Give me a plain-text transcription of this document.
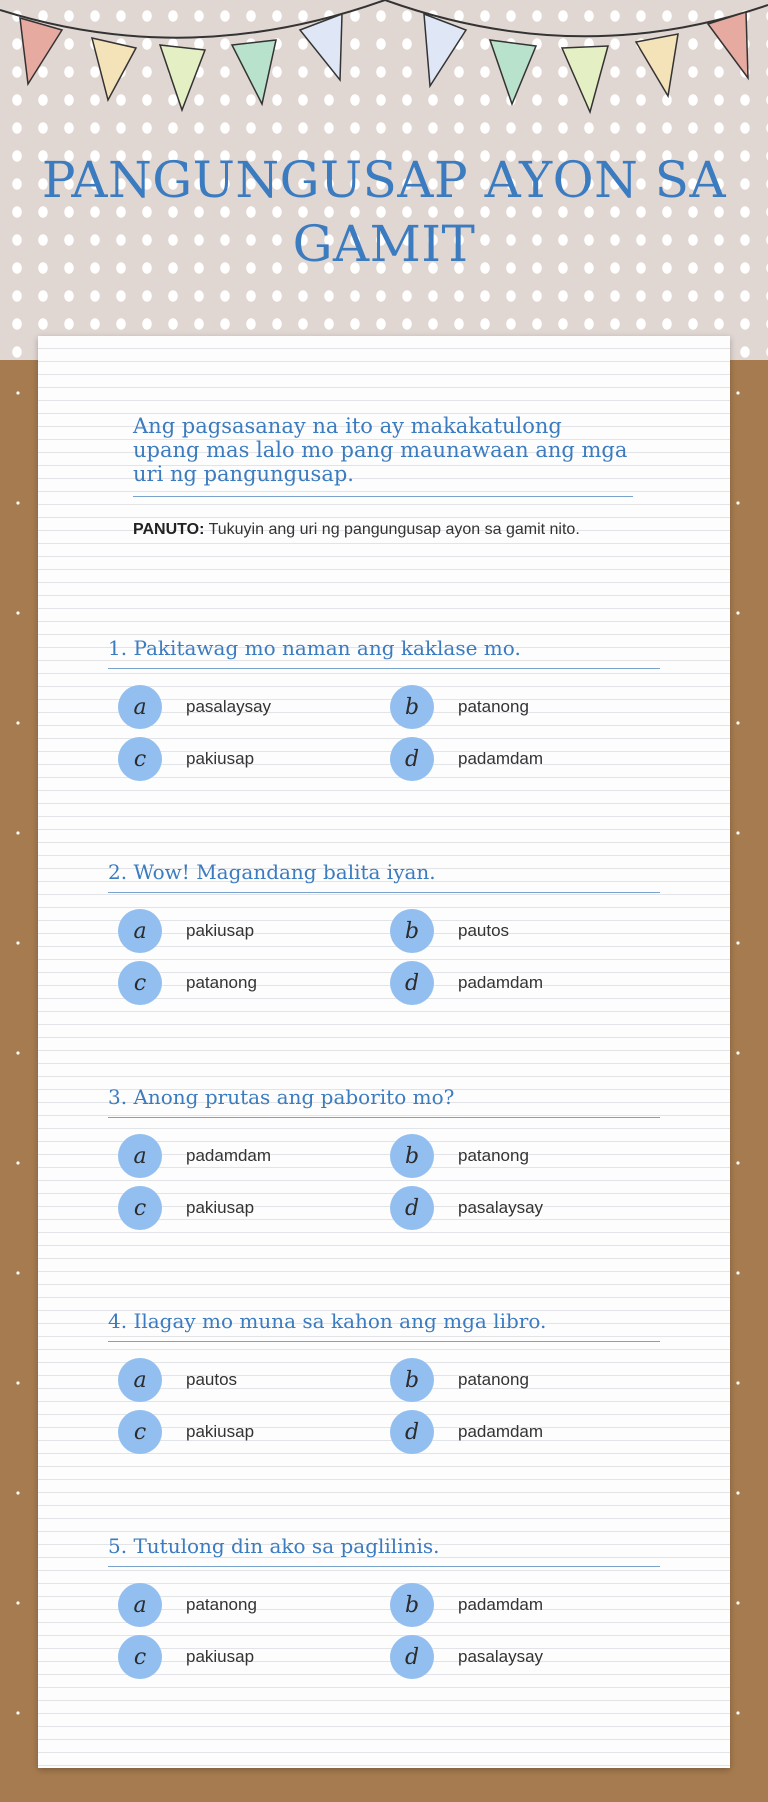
PANGUNGUSAP AYON SA GAMIT
Ang pagsasanay na ito ay makakatulong upang mas lalo mo pang maunawaan ang mga uri ng pangungusap.
PANUTO: Tukuyin ang uri ng pangungusap ayon sa gamit nito.
1. Pakitawag mo naman ang kaklase mo.
a	pasalaysay	b	patanong
c	pakiusap	d	padamdam
2. Wow! Magandang balita iyan.
a	pakiusap	b	pautos
c	patanong	d	padamdam
3. Anong prutas ang paborito mo?
a	padamdam	b	patanong
c	pakiusap	d	pasalaysay
4. Ilagay mo muna sa kahon ang mga libro.
a	pautos	b	patanong
c	pakiusap	d	padamdam
5. Tutulong din ako sa paglilinis.
a	patanong	b	padamdam
c	pakiusap	d	pasalaysay
